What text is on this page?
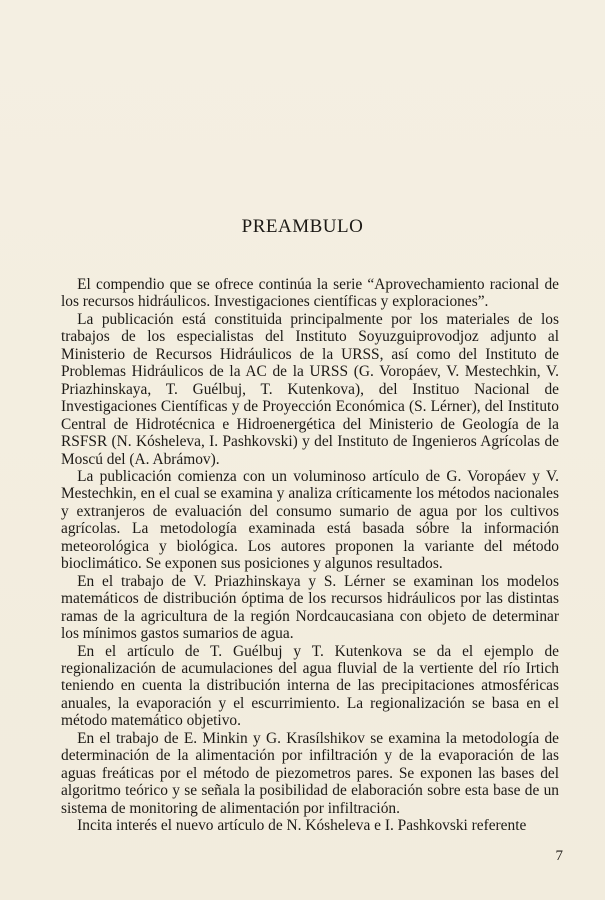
PREAMBULO

El compendio que se ofrece continúa la serie “Aprovechamiento racional de los recursos hidráulicos. Investigaciones científicas y exploraciones”.

La publicación está constituida principalmente por los materiales de los trabajos de los especialistas del Instituto Soyuzguiprovodjoz adjunto al Ministerio de Recursos Hidráulicos de la URSS, así como del Instituto de Problemas Hidráulicos de la AC de la URSS (G. Voropáev, V. Mestechkin, V. Priazhinskaya, T. Guélbuj, T. Kutenkova), del Instituo Nacional de Investigaciones Científicas y de Proyección Económica (S. Lérner), del Instituto Central de Hidrotécnica e Hidroenergética del Ministerio de Geología de la RSFSR (N. Kósheleva, I. Pashkovski) y del Instituto de Ingenieros Agrícolas de Moscú del (A. Abrámov).

La publicación comienza con un voluminoso artículo de G. Voropáev y V. Mestechkin, en el cual se examina y analiza críticamente los métodos nacionales y extranjeros de evaluación del consumo sumario de agua por los cultivos agrícolas. La metodología examinada está basada sóbre la información meteorológica y biológica. Los autores proponen la variante del método bioclimático. Se exponen sus posiciones y algunos resultados.

En el trabajo de V. Priazhinskaya y S. Lérner se examinan los modelos matemáticos de distribución óptima de los recursos hidráulicos por las distintas ramas de la agricultura de la región Nordcaucasiana con objeto de determinar los mínimos gastos sumarios de agua.

En el artículo de T. Guélbuj y T. Kutenkova se da el ejemplo de regionalización de acumulaciones del agua fluvial de la vertiente del río Irtich teniendo en cuenta la distribución interna de las precipitaciones atmosféricas anuales, la evaporación y el escurrimiento. La regionalización se basa en el método matemático objetivo.

En el trabajo de E. Minkin y G. Krasílshikov se examina la metodología de determinación de la alimentación por infiltración y de la evaporación de las aguas freáticas por el método de piezometros pares. Se exponen las bases del algoritmo teórico y se señala la posibilidad de elaboración sobre esta base de un sistema de monitoring de alimentación por infiltración.

Incita interés el nuevo artículo de N. Kósheleva e I. Pashkovski referente

7
